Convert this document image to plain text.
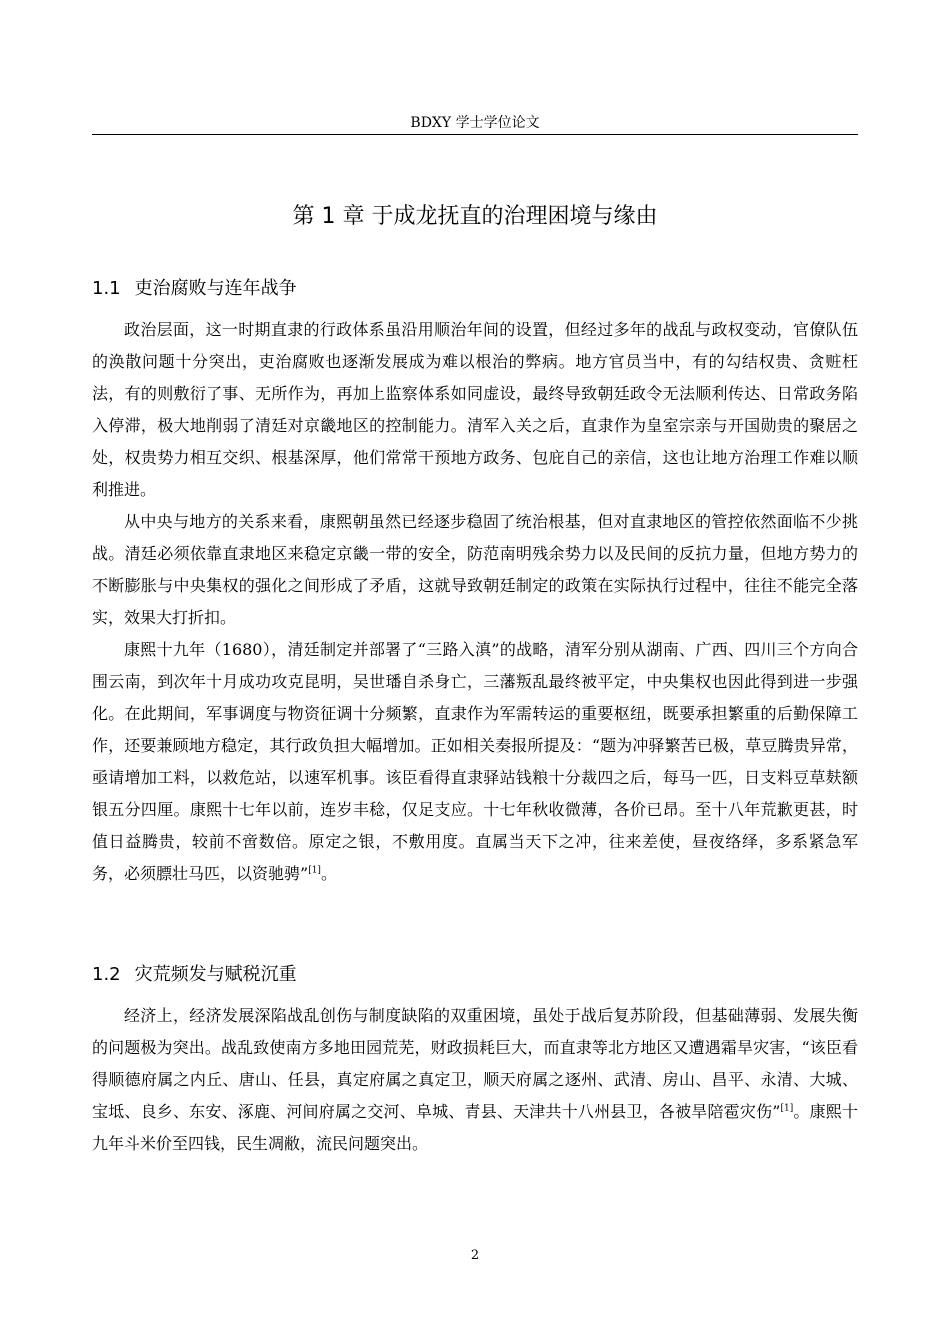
BDXY 学士学位论文
第 1 章 于成龙抚直的治理困境与缘由
1.1 吏治腐败与连年战争

政治层面，这一时期直隶的行政体系虽沿用顺治年间的设置，但经过多年的战乱与政权变动，官僚队伍的涣散问题十分突出，吏治腐败也逐渐发展成为难以根治的弊病。地方官员当中，有的勾结权贵、贪赃枉法，有的则敷衍了事、无所作为，再加上监察体系如同虚设，最终导致朝廷政令无法顺利传达、日常政务陷入停滞，极大地削弱了清廷对京畿地区的控制能力。清军入关之后，直隶作为皇室宗亲与开国勋贵的聚居之处，权贵势力相互交织、根基深厚，他们常常干预地方政务、包庇自己的亲信，这也让地方治理工作难以顺利推进。

从中央与地方的关系来看，康熙朝虽然已经逐步稳固了统治根基，但对直隶地区的管控依然面临不少挑战。清廷必须依靠直隶地区来稳定京畿一带的安全，防范南明残余势力以及民间的反抗力量，但地方势力的不断膨胀与中央集权的强化之间形成了矛盾，这就导致朝廷制定的政策在实际执行过程中，往往不能完全落实，效果大打折扣。

康熙十九年（1680），清廷制定并部署了“三路入滇”的战略，清军分别从湖南、广西、四川三个方向合围云南，到次年十月成功攻克昆明，吴世璠自杀身亡，三藩叛乱最终被平定，中央集权也因此得到进一步强化。在此期间，军事调度与物资征调十分频繁，直隶作为军需转运的重要枢纽，既要承担繁重的后勤保障工作，还要兼顾地方稳定，其行政负担大幅增加。正如相关奏报所提及：“题为冲驿繁苦已极，草豆腾贵异常，亟请增加工料，以救危站，以速军机事。该臣看得直隶驿站钱粮十分裁四之后，每马一匹，日支料豆草麸额银五分四厘。康熙十七年以前，连岁丰稔，仅足支应。十七年秋收微薄，各价已昂。至十八年荒歉更甚，时值日益腾贵，较前不啻数倍。原定之银，不敷用度。直属当天下之冲，往来差使，昼夜络绎，多系紧急军务，必须膘壮马匹，以资驰骋”[1]。

1.2 灾荒频发与赋税沉重

经济上，经济发展深陷战乱创伤与制度缺陷的双重困境，虽处于战后复苏阶段，但基础薄弱、发展失衡的问题极为突出。战乱致使南方多地田园荒芜，财政损耗巨大，而直隶等北方地区又遭遇霜旱灾害，“该臣看得顺德府属之内丘、唐山、任县，真定府属之真定卫，顺天府属之逐州、武清、房山、昌平、永清、大城、宝坻、良乡、东安、涿鹿、河间府属之交河、阜城、青县、天津共十八州县卫，各被旱陪雹灾伤”[1]。康熙十九年斗米价至四钱，民生凋敝，流民问题突出。

2
